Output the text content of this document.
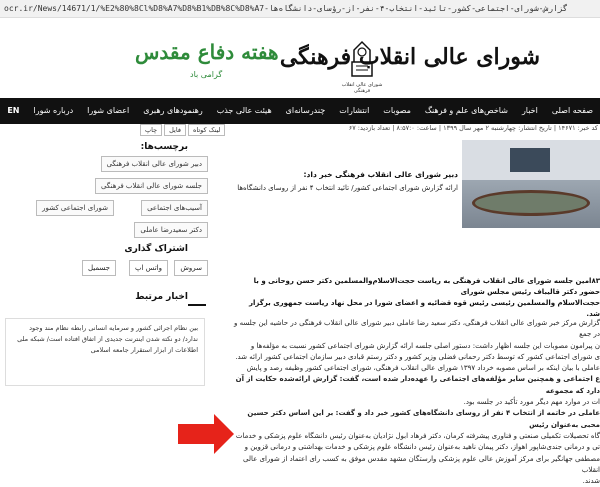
ocr.ir/News/14671/1/%E2%80%8Cl%D8%A7%D8%B1%DB%8C%D8%A7-گزارش-شورای-اجتماعی-کشور-تائید-انتخاب-۴-نفر-از-رؤسای-دانشگاه‌ها
شورای عالی انقلاب فرهنگی
شورای عالی انقلاب فرهنگی
هفته دفاع مقدس
گرامی باد
صفحه اصلی
اخبار
شاخص‌های علم و فرهنگ
مصوبات
انتشارات
چندرسانه‌ای
هیئت عالی جذب
رهنمودهای رهبری
اعضای شورا
درباره شورا
EN
کد خبر: ۱۴۶۷۱ | تاریخ انتشار: چهارشنبه ۲ مهر سال ۱۳۹۹ | ساعت: ۸:۵۷:۰ | تعداد بازدید: ۶۷
چاپ	فایل	لینک کوتاه
برچسب‌ها:
دبیر شورای عالی انقلاب فرهنگی
جلسه شورای عالی انقلاب فرهنگی
آسیب‌های اجتماعی
شورای اجتماعی کشور
دکتر سعیدرضا عاملی
اشتراک گذاری
سروش
واتس اپ
جسمیل
اخبار مرتبط
بین نظام اجرائی کشور و سرمایه انسانی رابطه نظام مند وجود ندارد/ دو نکته شدن اینترنت جدیدی از اتفاق افتاده است/ شبکه ملی اطلاعات از ابزار استقرار جامعه اسلامی
دبیر شورای عالی انقلاب فرهنگی خبر داد:
ارائه گزارش شورای اجتماعی کشور/ تائید انتخاب ۴ نفر از روسای دانشگاه‌ها
۸۳امین جلسه شورای عالی انقلاب فرهنگی به ریاست حجت‌الاسلام‌والمسلمین دکتر حسن روحانی و با حضور دکتر قالیباف رئیس مجلس شورای
حجت‌الاسلام والمسلمین رئیسی رئیس قوه قضائیه و اعضای شورا در محل نهاد ریاست جمهوری برگزار شد.

گزارش مرکز خبر شورای عالی انقلاب فرهنگی، دکتر سعید رضا عاملی دبیر شورای عالی انقلاب فرهنگی در حاشیه این جلسه و در جمع

ن پیرامون مصوبات این جلسه اظهار داشت: دستور اصلی جلسه ارائه گزارش شورای اجتماعی کشور نسبت به مؤلفه‌ها و

ی شورای اجتماعی کشور که توسط دکتر رحمانی فضلی وزیر کشور و دکتر رستم قبادی دبیر سازمان اجتماعی کشور ارائه شد.

عاملی با بیان اینکه بر اساس مصوبه خرداد ۱۳۹۷ شورای عالی انقلاب فرهنگی، شورای اجتماعی کشور وظیفه رصد و پایش

ع اجتماعی و همچنین سایر مؤلفه‌های اجتماعی را عهده‌دار شده است، گفت: گزارش ارائه‌شده حکایت از آن دارد که مجموعه

ات در موارد مهم دیگر مورد تأکید در جلسه بود.

عاملی در خاتمه از انتخاب ۴ نفر از روسای دانشگاه‌های کشور خبر داد و گفت: بر این اساس دکتر حسین محبی به‌عنوان رئیس

گاه تحصیلات تکمیلی صنعتی و فناوری پیشرفته کرمان، دکتر فرهاد ابول نژادیان به‌عنوان رئیس دانشگاه علوم پزشکی و خدمات

تی و درمانی جندی‌شاپور اهواز، دکتر پیمان ناهید به‌عنوان رئیس دانشگاه علوم پزشکی و خدمات بهداشتی و درمانی قزوین و

مصطفی جهانگیر برای مرکز آموزش عالی علوم پزشکی وارستگان مشهد مقدس موفق به کسب رای اعتماد از شورای عالی انقلاب

شدند.
